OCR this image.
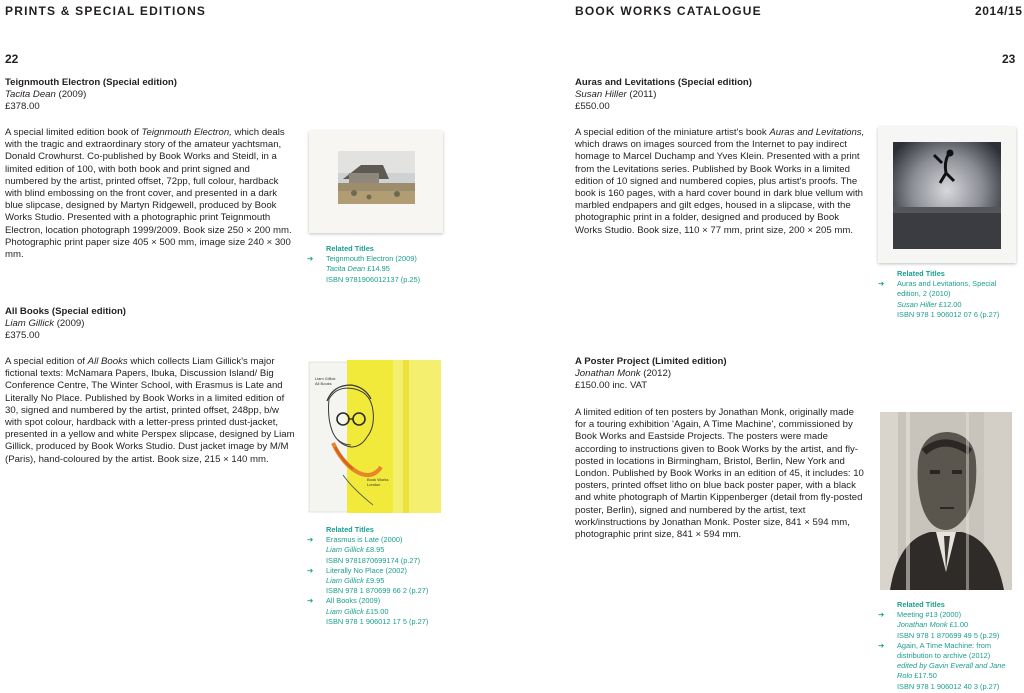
PRINTS & SPECIAL EDITIONS	BOOK WORKS CATALOGUE	2014/15
22	23
Teignmouth Electron (Special edition)
Tacita Dean (2009)
£378.00

A special limited edition book of Teignmouth Electron, which deals with the tragic and extraordinary story of the amateur yachtsman, Donald Crowhurst. Co-published by Book Works and Steidl, in a limited edition of 100, with both book and print signed and numbered by the artist, printed offset, 72pp, full colour, hardback with blind embossing on the front cover, and presented in a dark blue slipcase, designed by Martyn Ridgewell, produced by Book Works Studio. Presented with a photographic print Teignmouth Electron, location photograph 1999/2009. Book size 250 × 200 mm. Photographic print paper size 405 × 500 mm, image size 240 × 300 mm.

Related Titles
➔ Teignmouth Electron (2009)
Tacita Dean £14.95
ISBN 9781906012137 (p.25)
All Books (Special edition)
Liam Gillick (2009)
£375.00

A special edition of All Books which collects Liam Gillick's major fictional texts: McNamara Papers, Ibuka, Discussion Island/ Big Conference Centre, The Winter School, with Erasmus is Late and Literally No Place. Published by Book Works in a limited edition of 30, signed and numbered by the artist, printed offset, 248pp, b/w with spot colour, hardback with a letter-press printed dust-jacket, presented in a yellow and white Perspex slipcase, designed by Liam Gillick, produced by Book Works Studio. Dust jacket image by M/M (Paris), hand-coloured by the artist. Book size, 215 × 140 mm.

Liam Gillick
All Books
Book Works
London
Related Titles
➔ Erasmus is Late (2000)
Liam Gillick £8.95
ISBN 9781870699174 (p.27)
➔ Literally No Place (2002)
Liam Gillick £9.95
ISBN 978 1 870699 66 2 (p.27)
➔ All Books (2009)
Liam Gillick £15.00
ISBN 978 1 906012 17 5 (p.27)
Auras and Levitations (Special edition)
Susan Hiller (2011)
£550.00

A special edition of the miniature artist's book Auras and Levitations, which draws on images sourced from the Internet to pay indirect homage to Marcel Duchamp and Yves Klein. Presented with a print from the Levitations series. Published by Book Works in a limited edition of 10 signed and numbered copies, plus artist's proofs. The book is 160 pages, with a hard cover bound in dark blue vellum with marbled endpapers and gilt edges, housed in a slipcase, with the photographic print in a folder, designed and produced by Book Works Studio. Book size, 110 × 77 mm, print size, 200 × 205 mm.

Related Titles
➔ Auras and Levitations, Special edition, 2 (2010)
Susan Hiller £12.00
ISBN 978 1 906012 07 6 (p.27)
A Poster Project (Limited edition)
Jonathan Monk (2012)
£150.00 inc. VAT

A limited edition of ten posters by Jonathan Monk, originally made for a touring exhibition 'Again, A Time Machine', commissioned by Book Works and Eastside Projects. The posters were made according to instructions given to Book Works by the artist, and fly-posted in locations in Birmingham, Bristol, Berlin, New York and London. Published by Book Works in an edition of 45, it includes: 10 posters, printed offset litho on blue back poster paper, with a black and white photograph of Martin Kippenberger (detail from fly-posted poster, Berlin), signed and numbered by the artist, text work/instructions by Jonathan Monk. Poster size, 841 × 594 mm, photographic print size, 841 × 594 mm.

Related Titles
➔ Meeting #13 (2000)
Jonathan Monk £1.00
ISBN 978 1 870699 49 5 (p.29)
➔ Again, A Time Machine: from distribution to archive (2012)
edited by Gavin Everall and Jane Rolo £17.50
ISBN 978 1 906012 40 3 (p.27)
